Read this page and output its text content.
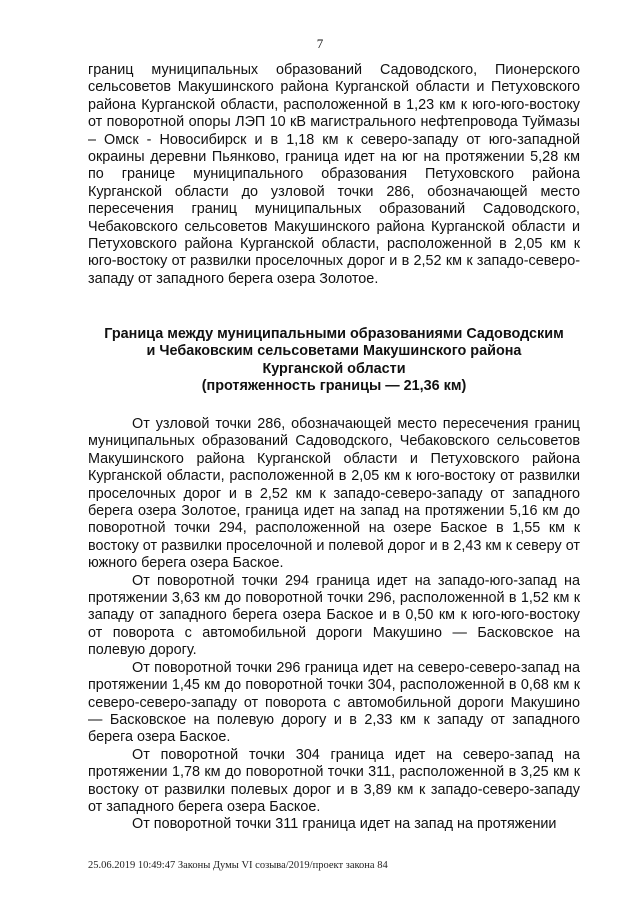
7

границ муниципальных образований Садоводского, Пионерского сельсоветов Макушинского района Курганской области и Петуховского района Курганской области, расположенной в 1,23 км к юго-юго-востоку от поворотной опоры ЛЭП 10 кВ магистрального нефтепровода Туймазы – Омск - Новосибирск и в 1,18 км к северо-западу от юго-западной окраины деревни Пьянково, граница идет на юг на протяжении 5,28 км по границе муниципального образования Петуховского района Курганской области до узловой точки 286, обозначающей место пересечения границ муниципальных образований Садоводского, Чебаковского сельсоветов Макушинского района Курганской области и Петуховского района Курганской области, расположенной в 2,05 км к юго-востоку от развилки проселочных дорог и в 2,52 км к западо-северо-западу от западного берега озера Золотое.

Граница между муниципальными образованиями Садоводским
и Чебаковским сельсоветами Макушинского района
Курганской области
(протяженность границы — 21,36 км)

От узловой точки 286, обозначающей место пересечения границ муниципальных образований Садоводского, Чебаковского сельсоветов Макушинского района Курганской области и Петуховского района Курганской области, расположенной в 2,05 км к юго-востоку от развилки проселочных дорог и в 2,52 км к западо-северо-западу от западного берега озера Золотое, граница идет на запад на протяжении 5,16 км до поворотной точки 294, расположенной на озере Баское в 1,55 км к востоку от развилки проселочной и полевой дорог и в 2,43 км к северу от южного берега озера Баское.

От поворотной точки 294 граница идет на западо-юго-запад на протяжении 3,63 км до поворотной точки 296, расположенной в 1,52 км к западу от западного берега озера Баское и в 0,50 км к юго-юго-востоку от поворота с автомобильной дороги Макушино — Басковское на полевую дорогу.

От поворотной точки 296 граница идет на северо-северо-запад на протяжении 1,45 км до поворотной точки 304, расположенной в 0,68 км к северо-северо-западу от поворота с автомобильной дороги Макушино — Басковское на полевую дорогу и в 2,33 км к западу от западного берега озера Баское.

От поворотной точки 304 граница идет на северо-запад на протяжении 1,78 км до поворотной точки 311, расположенной в 3,25 км к востоку от развилки полевых дорог и в 3,89 км к западо-северо-западу от западного берега озера Баское.

От поворотной точки 311 граница идет на запад на протяжении

25.06.2019 10:49:47 Законы Думы VI созыва/2019/проект закона 84
